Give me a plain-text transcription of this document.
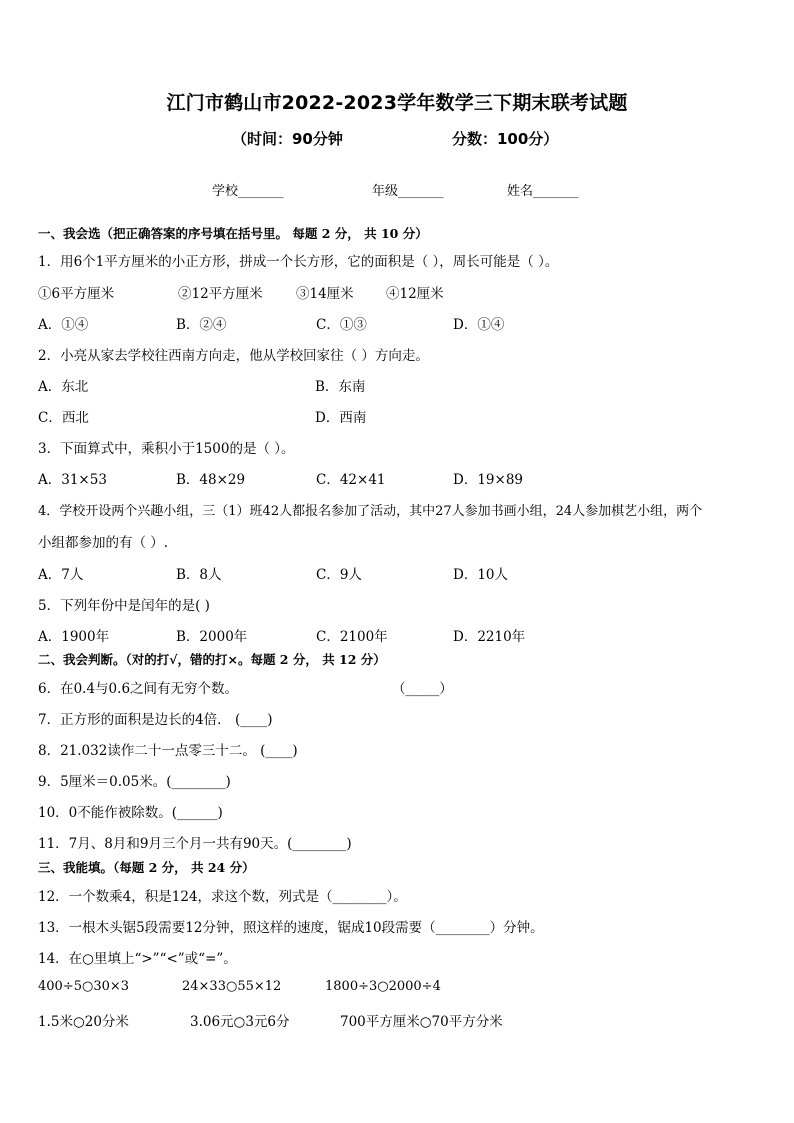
江门市鹤山市2022-2023学年数学三下期末联考试题
（时间：90分钟	分数：100分）
学校_______	年级_______	姓名_______
一、我会选（把正确答案的序号填在括号里。 每题 2 分， 共 10 分）
1．用6个1平方厘米的小正方形，拼成一个长方形，它的面积是（ ），周长可能是（ ）。
①6平方厘米	②12平方厘米 ③14厘米 ④12厘米
A．①④	B．②④	C．①③	D．①④
2．小亮从家去学校往西南方向走，他从学校回家往（ ）方向走。
A．东北	B．东南
C．西北	D．西南
3．下面算式中，乘积小于1500的是（ ）。
A．31×53	B．48×29	C．42×41	D．19×89
4．学校开设两个兴趣小组，三（1）班42人都报名参加了活动，其中27人参加书画小组，24人参加棋艺小组，两个
小组都参加的有（ ）.
A．7人	B．8人	C．9人	D．10人
5．下列年份中是闰年的是( )
A．1900年	B．2000年	C．2100年	D．2210年
二、我会判断。（对的打√，错的打×。每题 2 分， 共 12 分）
6．在0.4与0.6之间有无穷个数。	（_____）
7．正方形的面积是边长的4倍． (____)
8．21.032读作二十一点零三十二。 (____)
9．5厘米＝0.05米。(________)
10．0不能作被除数。(______)
11．7月、8月和9月三个月一共有90天。(________)
三、我能填。（每题 2 分， 共 24 分）
12．一个数乘4，积是124，求这个数，列式是（________）。
13．一根木头锯5段需要12分钟，照这样的速度，锯成10段需要（________）分钟。
14．在○里填上“>”“<”或“=”。
400÷5○30×3	24×33○55×12	1800÷3○2000÷4
1.5米○20分米	3.06元○3元6分	700平方厘米○70平方分米
